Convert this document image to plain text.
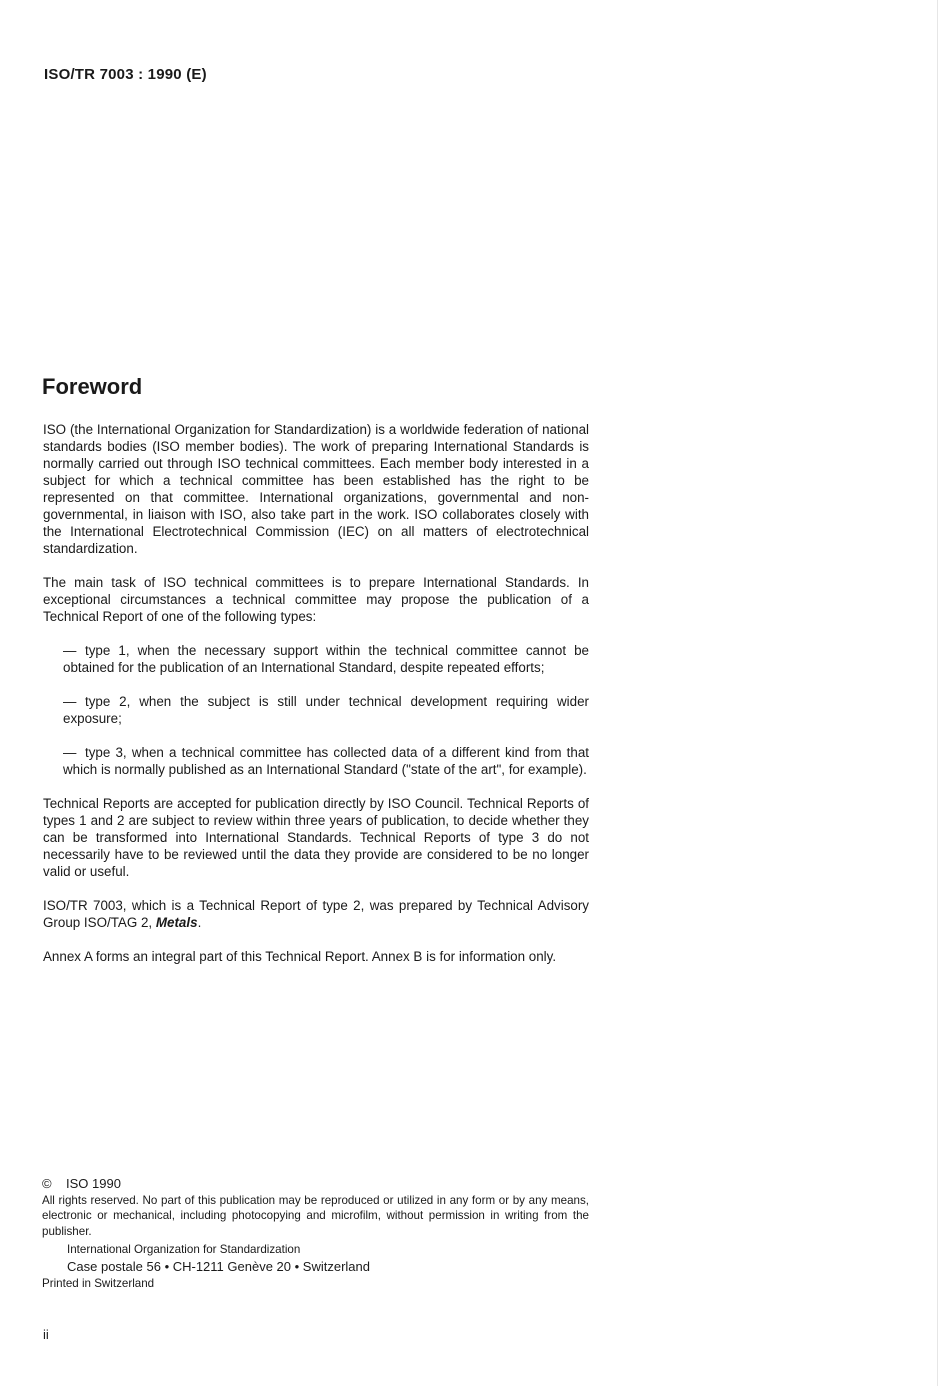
ISO/TR 7003 : 1990 (E)
Foreword

ISO (the International Organization for Standardization) is a worldwide federation of national standards bodies (ISO member bodies). The work of preparing International Standards is normally carried out through ISO technical committees. Each member body interested in a subject for which a technical committee has been established has the right to be represented on that committee. International organizations, governmental and non-governmental, in liaison with ISO, also take part in the work. ISO collaborates closely with the International Electrotechnical Commission (IEC) on all matters of electrotechnical standardization.

The main task of ISO technical committees is to prepare International Standards. In exceptional circumstances a technical committee may propose the publication of a Technical Report of one of the following types:

— type 1, when the necessary support within the technical committee cannot be obtained for the publication of an International Standard, despite repeated efforts;
— type 2, when the subject is still under technical development requiring wider exposure;
— type 3, when a technical committee has collected data of a different kind from that which is normally published as an International Standard ("state of the art", for example).

Technical Reports are accepted for publication directly by ISO Council. Technical Reports of types 1 and 2 are subject to review within three years of publication, to decide whether they can be transformed into International Standards. Technical Reports of type 3 do not necessarily have to be reviewed until the data they provide are considered to be no longer valid or useful.

ISO/TR 7003, which is a Technical Report of type 2, was prepared by Technical Advisory Group ISO/TAG 2, Metals.

Annex A forms an integral part of this Technical Report. Annex B is for information only.

© ISO 1990
All rights reserved. No part of this publication may be reproduced or utilized in any form or by any means, electronic or mechanical, including photocopying and microfilm, without permission in writing from the publisher.
International Organization for Standardization
Case postale 56 • CH-1211 Genève 20 • Switzerland
Printed in Switzerland
ii
